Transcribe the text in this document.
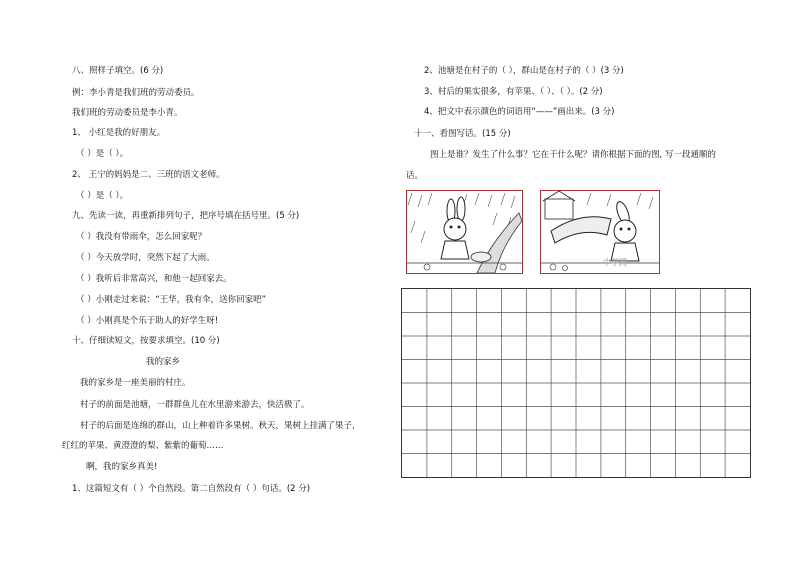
八、照样子填空。(6 分)
例：李小青是我们班的劳动委员。
我们班的劳动委员是李小青。
1、 小红是我的好朋友。
（ ）是（ ）。
2、 王宁的妈妈是二、三班的语文老师。
（ ）是（ ）。
九、先读一读，再重新排列句子，把序号填在括号里。(5 分)
（ ）我没有带雨伞，怎么回家呢？
（ ）今天放学时，突然下起了大雨。
（ ）我听后非常高兴，和他一起回家去。
（ ）小刚走过来说：“王华，我有伞，送你回家吧”
（ ）小刚真是个乐于助人的好学生呀!
十、仔细读短文，按要求填空。(10 分)
我的家乡
我的家乡是一座美丽的村庄。
村子的前面是池塘，一群群鱼儿在水里游来游去，快活极了。
村子的后面是连绵的群山，山上种着许多果树。秋天，果树上挂满了果子，
红红的苹果、黄澄澄的梨、紫紫的葡萄……
啊，我的家乡真美!
1、这篇短文有（ ）个自然段。第二自然段有（ ）句话。(2 分)
2、池塘是在村子的（ ），群山是在村子的（ ）(3 分)
3、村后的果实很多，有苹果、（ ）、（ ）。(2 分)
4、把文中表示颜色的词语用“——”画出来。(3 分)
十一、看图写话。(15 分)
图上是谁？发生了什么事？它在干什么呢？请你根据下面的图, 写一段通顺的
话。
中学网
